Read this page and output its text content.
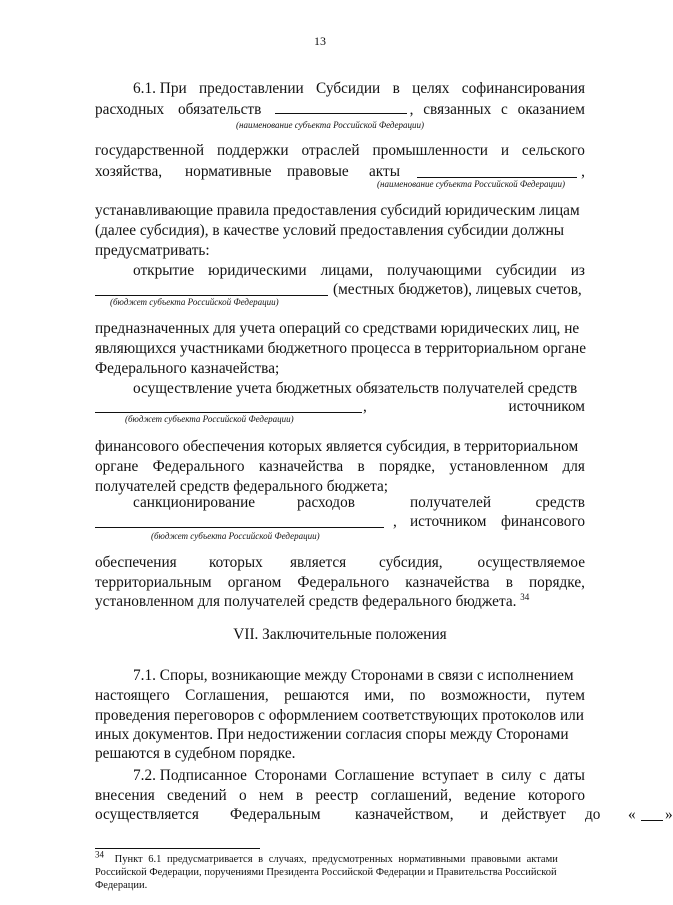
13
6.1. При предоставлении Субсидии в целях софинансирования
расходных обязательств	, связанных с оказанием
(наименование субъекта Российской Федерации)
государственной поддержки отраслей промышленности и сельского
хозяйства, нормативные правовые акты	,
(наименование субъекта Российской Федерации)
устанавливающие правила предоставления субсидий юридическим лицам
(далее субсидия), в качестве условий предоставления субсидии должны
предусматривать:
открытие юридическими лицами, получающими субсидии из
(местных бюджетов), лицевых счетов,
(бюджет субъекта Российской Федерации)
предназначенных для учета операций со средствами юридических лиц, не
являющихся участниками бюджетного процесса в территориальном органе
Федерального казначейства;
осуществление учета бюджетных обязательств получателей средств
,	источником
(бюджет субъекта Российской Федерации)
финансового обеспечения которых является субсидия, в территориальном
органе Федерального казначейства в порядке, установленном для
получателей средств федерального бюджета;
санкционирование	расходов	получателей	средств
, источником финансового
(бюджет субъекта Российской Федерации)
обеспечения которых является субсидия, осуществляемое
территориальным органом Федерального казначейства в порядке,
установленном для получателей средств федерального бюджета. $^{34}$
VII. Заключительные положения
7.1. Споры, возникающие между Сторонами в связи с исполнением
настоящего Соглашения, решаются ими, по возможности, путем
проведения переговоров с оформлением соответствующих протоколов или
иных документов. При недостижении согласия споры между Сторонами
решаются в судебном порядке.
7.2. Подписанное Сторонами Соглашение вступает в силу с даты
внесения сведений о нем в реестр соглашений, ведение которого
осуществляется Федеральным казначейством, и действует до « »
$^{34}$ Пункт 6.1 предусматривается в случаях, предусмотренных нормативными правовыми актами
Российской Федерации, поручениями Президента Российской Федерации и Правительства Российской
Федерации.
